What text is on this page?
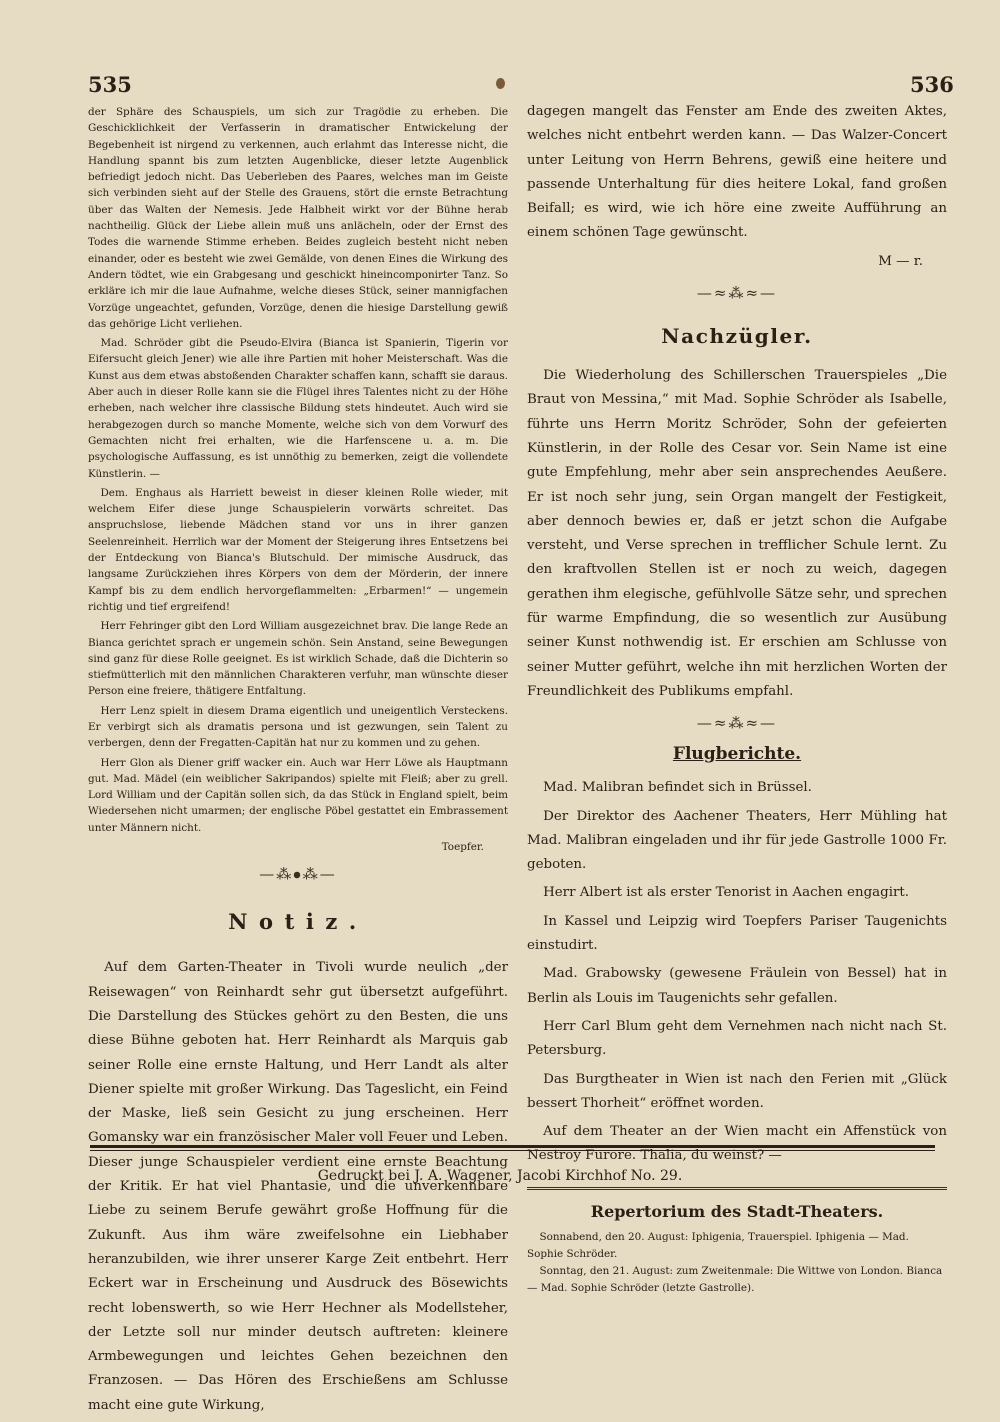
535	536

der Sphäre des Schauspiels, um sich zur Tragödie zu erheben. Die Geschicklichkeit der Verfasserin in dramatischer Entwickelung der Begebenheit ist nirgend zu verkennen, auch erlahmt das Interesse nicht, die Handlung spannt bis zum letzten Augenblicke, dieser letzte Augenblick befriedigt jedoch nicht. Das Ueberleben des Paares, welches man im Geiste sich verbinden sieht auf der Stelle des Grauens, stört die ernste Betrachtung über das Walten der Nemesis. Jede Halbheit wirkt vor der Bühne herab nachtheilig. Glück der Liebe allein muß uns anlächeln, oder der Ernst des Todes die warnende Stimme erheben. Beides zugleich besteht nicht neben einander, oder es besteht wie zwei Gemälde, von denen Eines die Wirkung des Andern tödtet, wie ein Grabgesang und geschickt hineincomponirter Tanz. So erkläre ich mir die laue Aufnahme, welche dieses Stück, seiner mannigfachen Vorzüge ungeachtet, gefunden, Vorzüge, denen die hiesige Darstellung gewiß das gehörige Licht verliehen.

Mad. Schröder gibt die Pseudo-Elvira (Bianca ist Spanierin, Tigerin vor Eifersucht gleich Jener) wie alle ihre Partien mit hoher Meisterschaft. Was die Kunst aus dem etwas abstoßenden Charakter schaffen kann, schafft sie daraus. Aber auch in dieser Rolle kann sie die Flügel ihres Talentes nicht zu der Höhe erheben, nach welcher ihre classische Bildung stets hindeutet. Auch wird sie herabgezogen durch so manche Momente, welche sich von dem Vorwurf des Gemachten nicht frei erhalten, wie die Harfenscene u. a. m. Die psychologische Auffassung, es ist unnöthig zu bemerken, zeigt die vollendete Künstlerin. —

Dem. Enghaus als Harriett beweist in dieser kleinen Rolle wieder, mit welchem Eifer diese junge Schauspielerin vorwärts schreitet. Das anspruchslose, liebende Mädchen stand vor uns in ihrer ganzen Seelenreinheit. Herrlich war der Moment der Steigerung ihres Entsetzens bei der Entdeckung von Bianca's Blutschuld. Der mimische Ausdruck, das langsame Zurückziehen ihres Körpers von dem der Mörderin, der innere Kampf bis zu dem endlich hervorgeflammelten: „Erbarmen!“ — ungemein richtig und tief ergreifend!

Herr Fehringer gibt den Lord William ausgezeichnet brav. Die lange Rede an Bianca gerichtet sprach er ungemein schön. Sein Anstand, seine Bewegungen sind ganz für diese Rolle geeignet. Es ist wirklich Schade, daß die Dichterin so stiefmütterlich mit den männlichen Charakteren verfuhr, man wünschte dieser Person eine freiere, thätigere Entfaltung.

Herr Lenz spielt in diesem Drama eigentlich und uneigentlich Versteckens. Er verbirgt sich als dramatis persona und ist gezwungen, sein Talent zu verbergen, denn der Fregatten-Capitän hat nur zu kommen und zu gehen.

Herr Glon als Diener griff wacker ein. Auch war Herr Löwe als Hauptmann gut. Mad. Mädel (ein weiblicher Sakripandos) spielte mit Fleiß; aber zu grell. Lord William und der Capitän sollen sich, da das Stück in England spielt, beim Wiedersehen nicht umarmen; der englische Pöbel gestattet ein Embrassement unter Männern nicht.

Toepfer.
—⁂⦁⁂—
Notiz.

Auf dem Garten-Theater in Tivoli wurde neulich „der Reisewagen“ von Reinhardt sehr gut übersetzt aufgeführt. Die Darstellung des Stückes gehört zu den Besten, die uns diese Bühne geboten hat. Herr Reinhardt als Marquis gab seiner Rolle eine ernste Haltung, und Herr Landt als alter Diener spielte mit großer Wirkung. Das Tageslicht, ein Feind der Maske, ließ sein Gesicht zu jung erscheinen. Herr Gomansky war ein französischer Maler voll Feuer und Leben. Dieser junge Schauspieler verdient eine ernste Beachtung der Kritik. Er hat viel Phantasie, und die unverkennbare Liebe zu seinem Berufe gewährt große Hoffnung für die Zukunft. Aus ihm wäre zweifelsohne ein Liebhaber heranzubilden, wie ihrer unserer Karge Zeit entbehrt. Herr Eckert war in Erscheinung und Ausdruck des Bösewichts recht lobenswerth, so wie Herr Hechner als Modellsteher, der Letzte soll nur minder deutsch auftreten: kleinere Armbewegungen und leichtes Gehen bezeichnen den Franzosen. — Das Hören des Erschießens am Schlusse macht eine gute Wirkung,

dagegen mangelt das Fenster am Ende des zweiten Aktes, welches nicht entbehrt werden kann. — Das Walzer-Concert unter Leitung von Herrn Behrens, gewiß eine heitere und passende Unterhaltung für dies heitere Lokal, fand großen Beifall; es wird, wie ich höre eine zweite Aufführung an einem schönen Tage gewünscht.

M — r.
—≈⁂≈—
Nachzügler.

Die Wiederholung des Schillerschen Trauerspieles „Die Braut von Messina,“ mit Mad. Sophie Schröder als Isabelle, führte uns Herrn Moritz Schröder, Sohn der gefeierten Künstlerin, in der Rolle des Cesar vor. Sein Name ist eine gute Empfehlung, mehr aber sein ansprechendes Aeußere. Er ist noch sehr jung, sein Organ mangelt der Festigkeit, aber dennoch bewies er, daß er jetzt schon die Aufgabe versteht, und Verse sprechen in trefflicher Schule lernt. Zu den kraftvollen Stellen ist er noch zu weich, dagegen gerathen ihm elegische, gefühlvolle Sätze sehr, und sprechen für warme Empfindung, die so wesentlich zur Ausübung seiner Kunst nothwendig ist. Er erschien am Schlusse von seiner Mutter geführt, welche ihn mit herzlichen Worten der Freundlichkeit des Publikums empfahl.

—≈⁂≈—
Flugberichte.

Mad. Malibran befindet sich in Brüssel.

Der Direktor des Aachener Theaters, Herr Mühling hat Mad. Malibran eingeladen und ihr für jede Gastrolle 1000 Fr. geboten.

Herr Albert ist als erster Tenorist in Aachen engagirt.

In Kassel und Leipzig wird Toepfers Pariser Taugenichts einstudirt.

Mad. Grabowsky (gewesene Fräulein von Bessel) hat in Berlin als Louis im Taugenichts sehr gefallen.

Herr Carl Blum geht dem Vernehmen nach nicht nach St. Petersburg.

Das Burgtheater in Wien ist nach den Ferien mit „Glück bessert Thorheit“ eröffnet worden.

Auf dem Theater an der Wien macht ein Affenstück von Nestroy Furore. Thalia, du weinst? —

Repertorium des Stadt-Theaters.

Sonnabend, den 20. August: Iphigenia, Trauerspiel. Iphigenia — Mad. Sophie Schröder.

Sonntag, den 21. August: zum Zweitenmale: Die Wittwe von London. Bianca — Mad. Sophie Schröder (letzte Gastrolle).

Gedruckt bei J. A. Wagener, Jacobi Kirchhof No. 29.
